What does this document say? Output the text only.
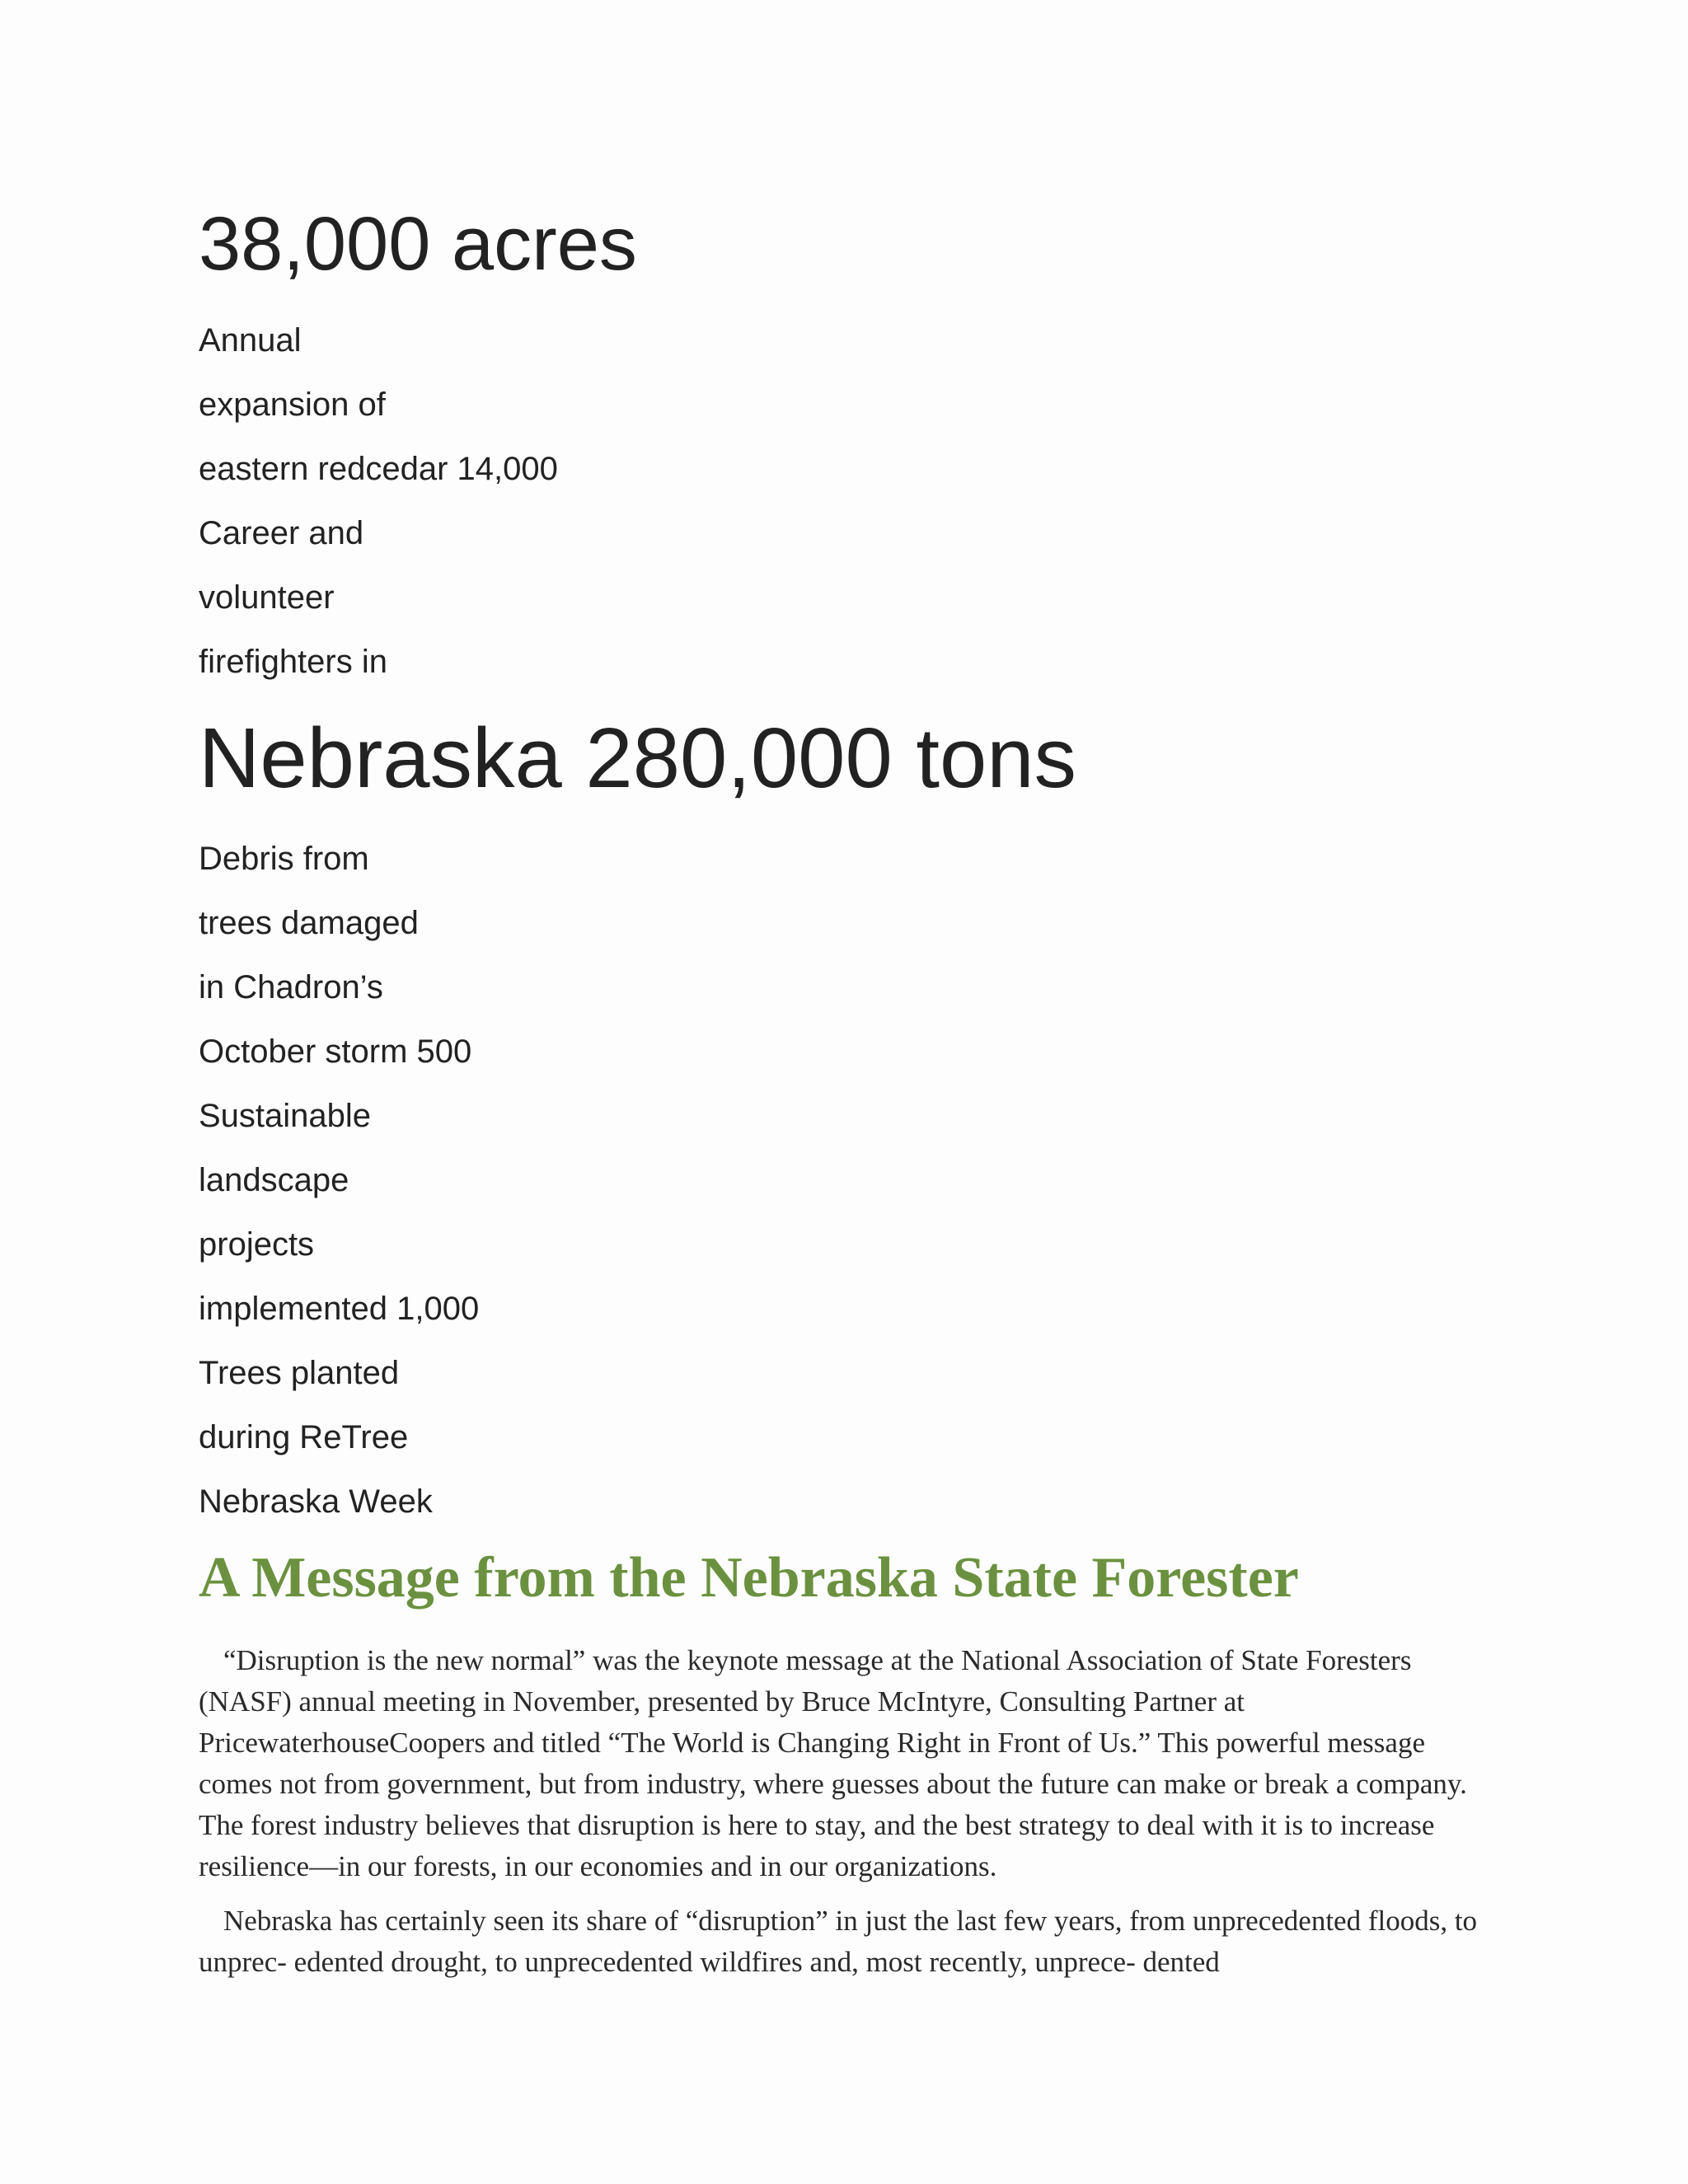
38,000 acres
Annual
expansion of
eastern redcedar 14,000
Career and
volunteer
firefighters in
Nebraska 280,000 tons
Debris from
trees damaged
in Chadron’s
October storm 500
Sustainable
landscape
projects
implemented 1,000
Trees planted
during ReTree
Nebraska Week
A Message from the Nebraska State Forester

“Disruption is the new normal” was the keynote message at the National Association of State Foresters (NASF) annual meeting in November, presented by Bruce McIntyre, Consulting Partner at PricewaterhouseCoopers and titled “The World is Changing Right in Front of Us.” This powerful message comes not from government, but from industry, where guesses about the future can make or break a company. The forest industry believes that disruption is here to stay, and the best strategy to deal with it is to increase resilience—in our forests, in our economies and in our organizations.

Nebraska has certainly seen its share of “disruption” in just the last few years, from unprecedented floods, to unprec- edented drought, to unprecedented wildfires and, most recently, unprece- dented
